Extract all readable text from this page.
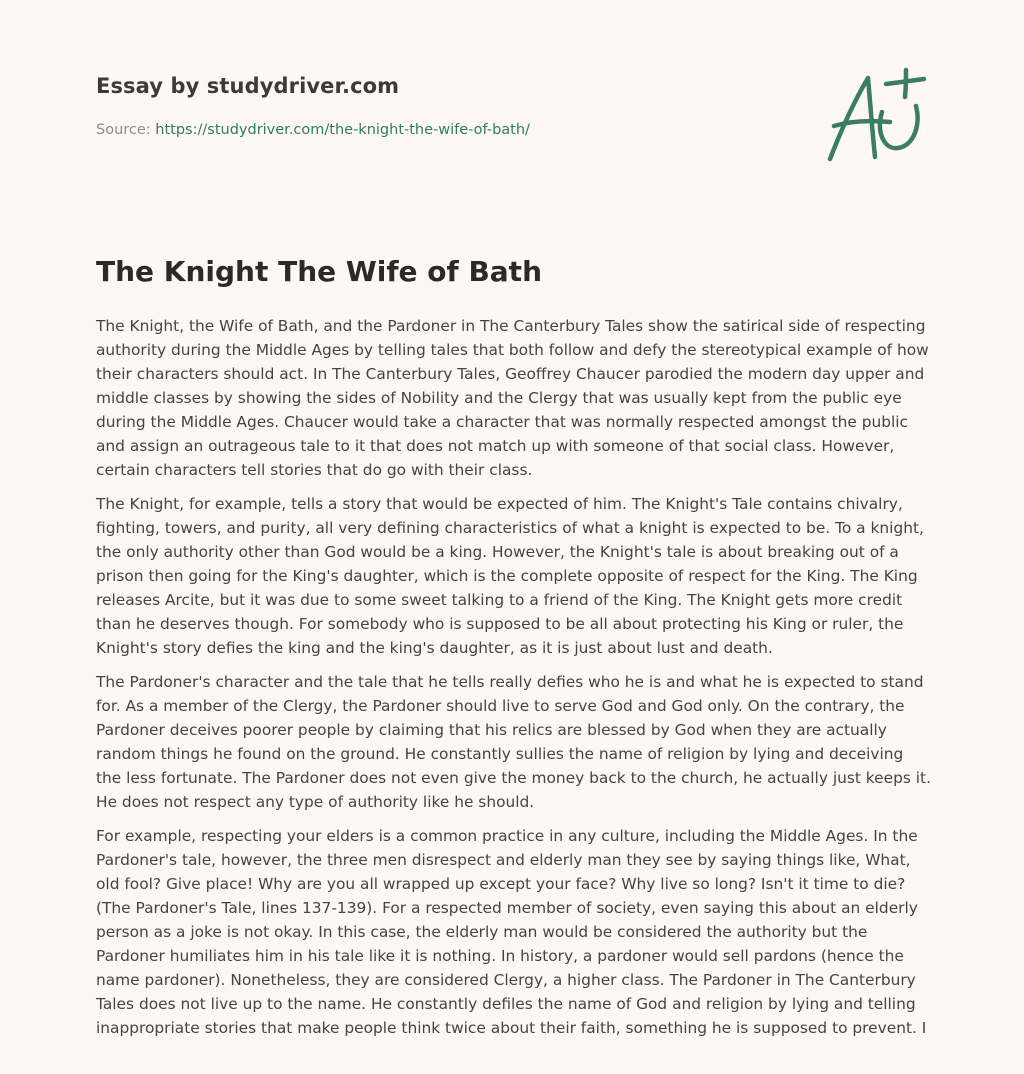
Essay by studydriver.com
Source: https://studydriver.com/the-knight-the-wife-of-bath/
The Knight The Wife of Bath

The Knight, the Wife of Bath, and the Pardoner in The Canterbury Tales show the satirical side of respecting authority during the Middle Ages by telling tales that both follow and defy the stereotypical example of how their characters should act. In The Canterbury Tales, Geoffrey Chaucer parodied the modern day upper and middle classes by showing the sides of Nobility and the Clergy that was usually kept from the public eye during the Middle Ages. Chaucer would take a character that was normally respected amongst the public and assign an outrageous tale to it that does not match up with someone of that social class. However, certain characters tell stories that do go with their class.

The Knight, for example, tells a story that would be expected of him. The Knight's Tale contains chivalry, fighting, towers, and purity, all very defining characteristics of what a knight is expected to be. To a knight, the only authority other than God would be a king. However, the Knight's tale is about breaking out of a prison then going for the King's daughter, which is the complete opposite of respect for the King. The King releases Arcite, but it was due to some sweet talking to a friend of the King. The Knight gets more credit than he deserves though. For somebody who is supposed to be all about protecting his King or ruler, the Knight's story defies the king and the king's daughter, as it is just about lust and death.

The Pardoner's character and the tale that he tells really defies who he is and what he is expected to stand for. As a member of the Clergy, the Pardoner should live to serve God and God only. On the contrary, the Pardoner deceives poorer people by claiming that his relics are blessed by God when they are actually random things he found on the ground. He constantly sullies the name of religion by lying and deceiving the less fortunate. The Pardoner does not even give the money back to the church, he actually just keeps it. He does not respect any type of authority like he should.

For example, respecting your elders is a common practice in any culture, including the Middle Ages. In the Pardoner's tale, however, the three men disrespect and elderly man they see by saying things like, What, old fool? Give place! Why are you all wrapped up except your face? Why live so long? Isn't it time to die? (The Pardoner's Tale, lines 137-139). For a respected member of society, even saying this about an elderly person as a joke is not okay. In this case, the elderly man would be considered the authority but the Pardoner humiliates him in his tale like it is nothing. In history, a pardoner would sell pardons (hence the name pardoner). Nonetheless, they are considered Clergy, a higher class. The Pardoner in The Canterbury Tales does not live up to the name. He constantly defiles the name of God and religion by lying and telling inappropriate stories that make people think twice about their faith, something he is supposed to prevent. I
